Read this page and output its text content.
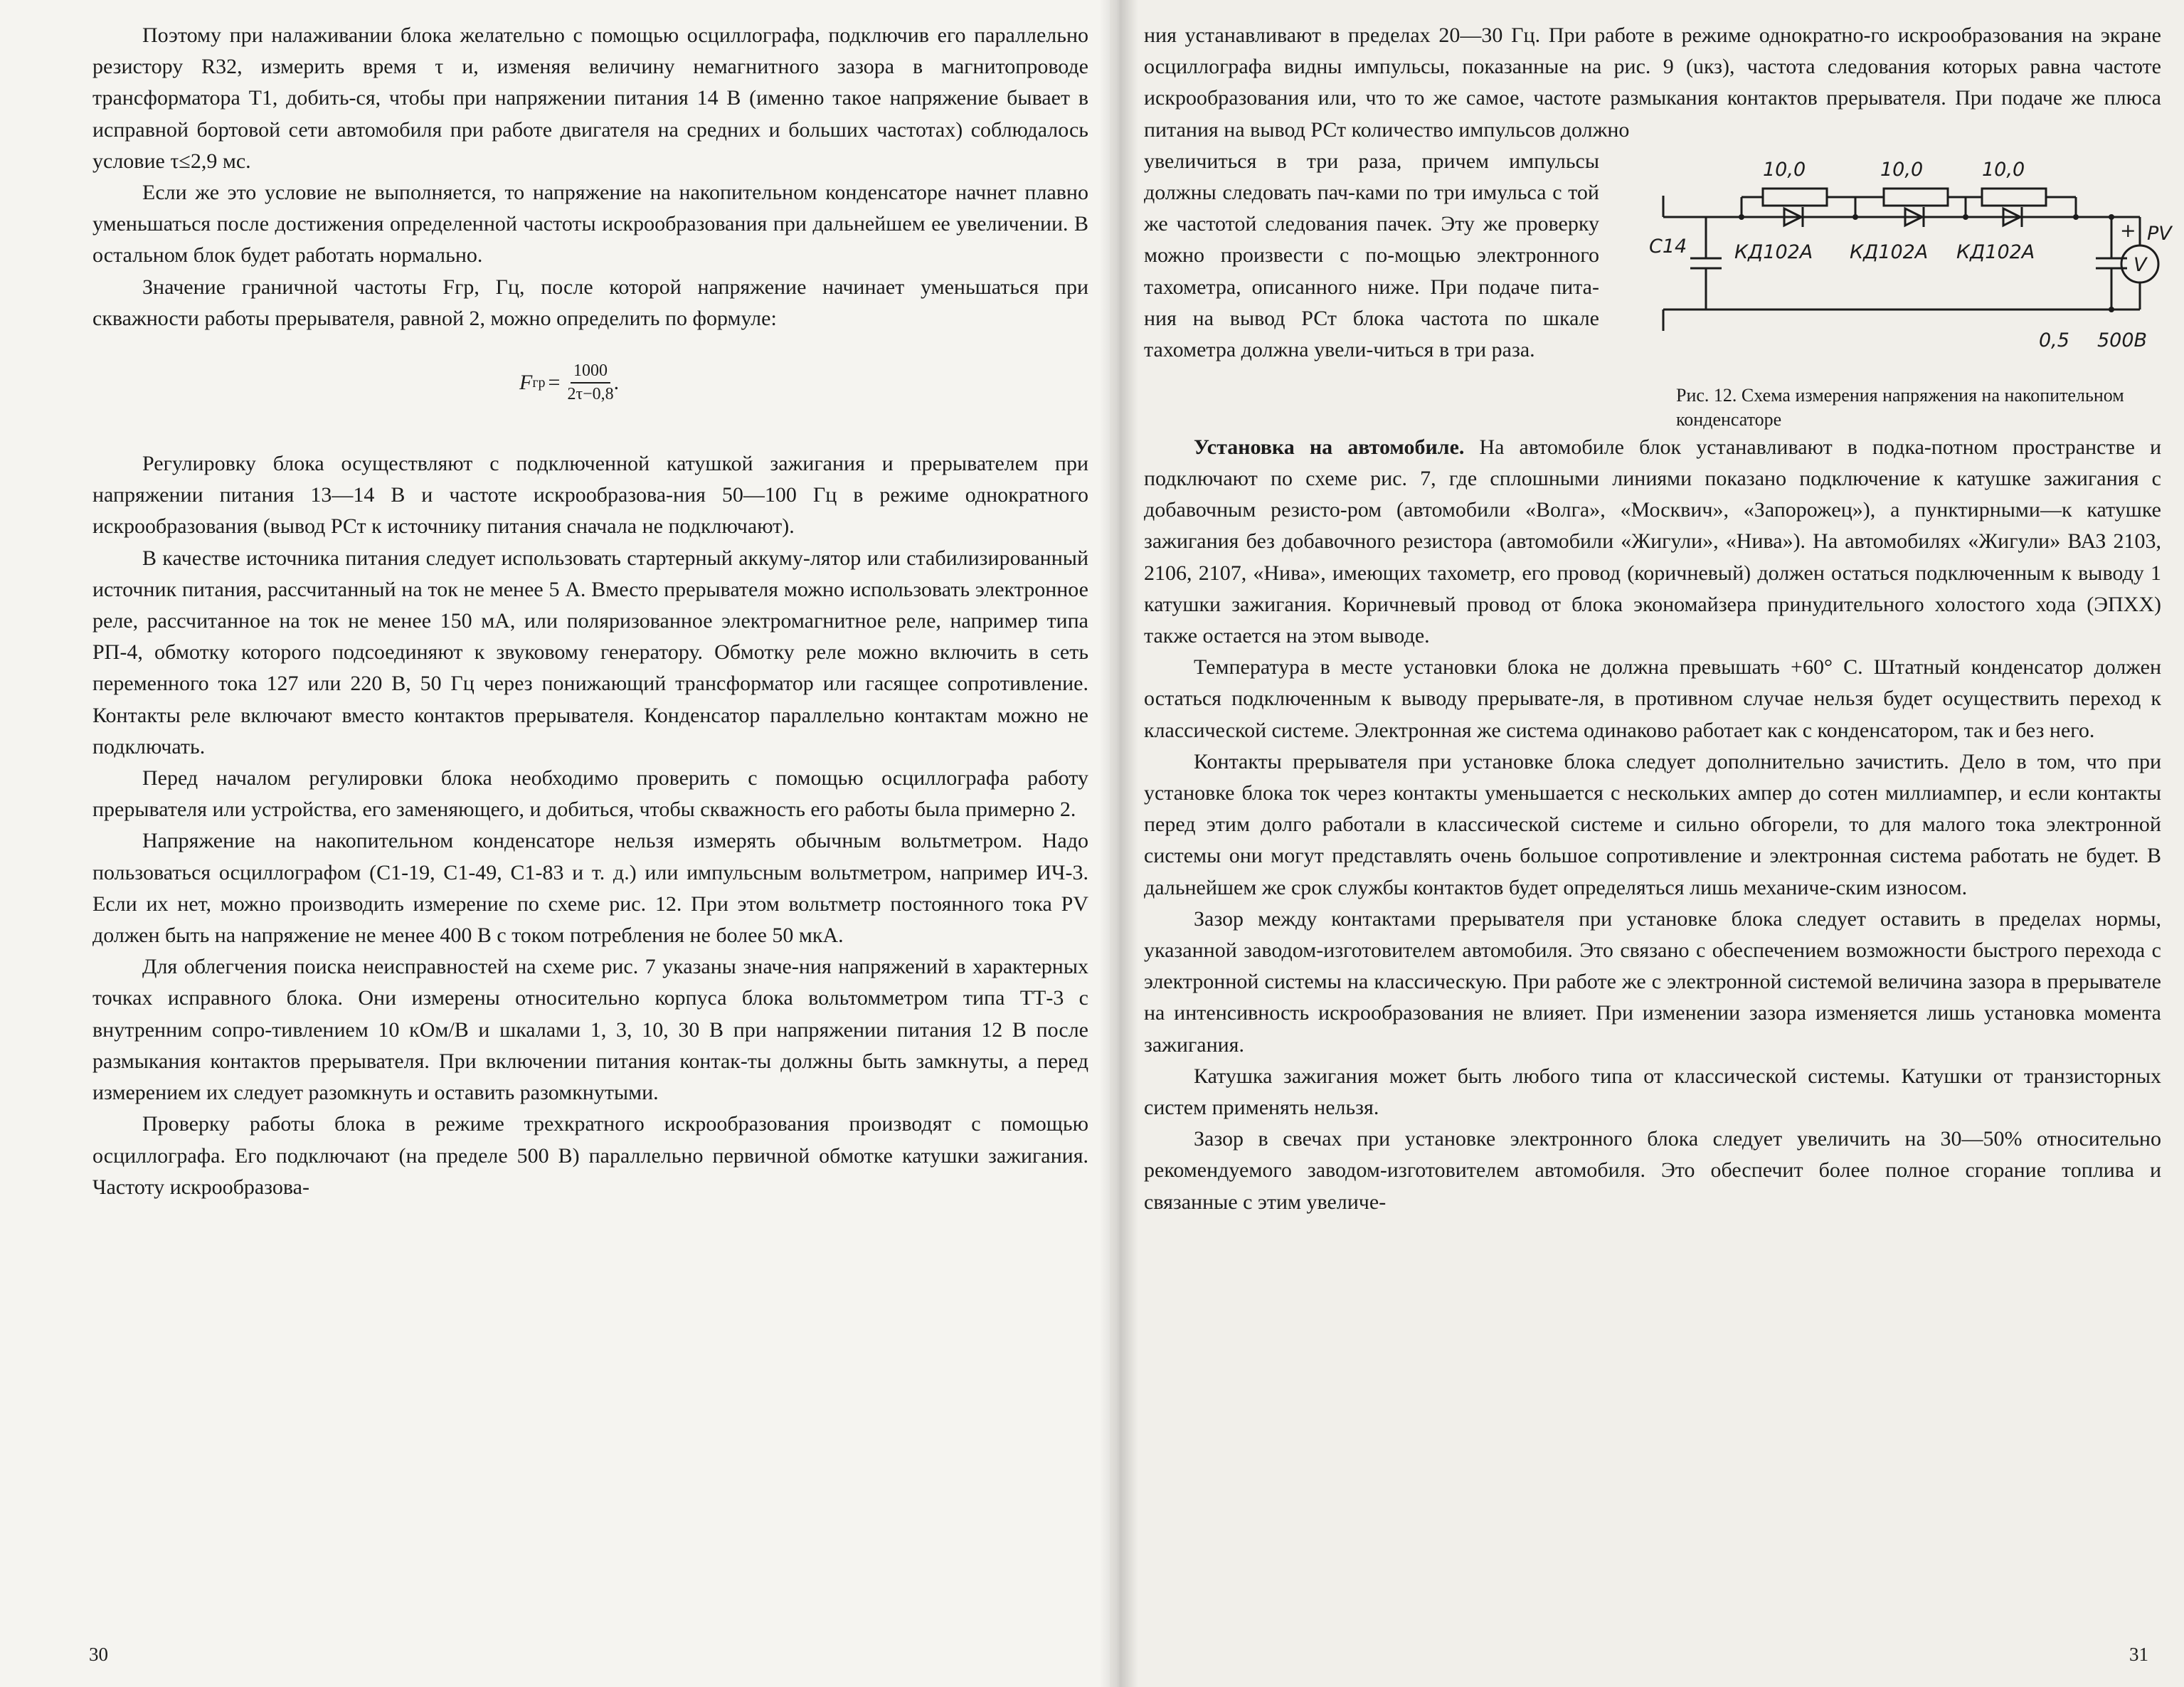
Поэтому при налаживании блока желательно с помощью осциллографа, подключив его параллельно резистору R32, измерить время τ и, изменяя величину немагнитного зазора в магнитопроводе трансформатора T1, добить-ся, чтобы при напряжении питания 14 В (именно такое напряжение бывает в исправной бортовой сети автомобиля при работе двигателя на средних и больших частотах) соблюдалось условие τ≤2,9 мс.

Если же это условие не выполняется, то напряжение на накопительном конденсаторе начнет плавно уменьшаться после достижения определенной частоты искрообразования при дальнейшем ее увеличении. В остальном блок будет работать нормально.

Значение граничной частоты Fгр, Гц, после которой напряжение начинает уменьшаться при скважности работы прерывателя, равной 2, можно определить по формуле:

F гр = $\frac{1000}{2\tau-0,8}$ .

Регулировку блока осуществляют с подключенной катушкой зажигания и прерывателем при напряжении питания 13—14 В и частоте искрообразова-ния 50—100 Гц в режиме однократного искрообразования (вывод РСт к источнику питания сначала не подключают).

В качестве источника питания следует использовать стартерный аккуму-лятор или стабилизированный источник питания, рассчитанный на ток не менее 5 А. Вместо прерывателя можно использовать электронное реле, рассчитанное на ток не менее 150 мА, или поляризованное электромагнитное реле, например типа РП-4, обмотку которого подсоединяют к звуковому генератору. Обмотку реле можно включить в сеть переменного тока 127 или 220 В, 50 Гц через понижающий трансформатор или гасящее сопротивление. Контакты реле включают вместо контактов прерывателя. Конденсатор параллельно контактам можно не подключать.

Перед началом регулировки блока необходимо проверить с помощью осциллографа работу прерывателя или устройства, его заменяющего, и добиться, чтобы скважность его работы была примерно 2.

Напряжение на накопительном конденсаторе нельзя измерять обычным вольтметром. Надо пользоваться осциллографом (С1-19, С1-49, С1-83 и т. д.) или импульсным вольтметром, например ИЧ-3. Если их нет, можно производить измерение по схеме рис. 12. При этом вольтметр постоянного тока PV должен быть на напряжение не менее 400 В с током потребления не более 50 мкА.

Для облегчения поиска неисправностей на схеме рис. 7 указаны значе-ния напряжений в характерных точках исправного блока. Они измерены относительно корпуса блока вольтомметром типа ТТ-3 с внутренним сопро-тивлением 10 кОм/В и шкалами 1, 3, 10, 30 В при напряжении питания 12 В после размыкания контактов прерывателя. При включении питания контак-ты должны быть замкнуты, а перед измерением их следует разомкнуть и оставить разомкнутыми.

Проверку работы блока в режиме трехкратного искрообразования производят с помощью осциллографа. Его подключают (на пределе 500 В) параллельно первичной обмотке катушки зажигания. Частоту искрообразова-

30

ния устанавливают в пределах 20—30 Гц. При работе в режиме однократно-го искрообразования на экране осциллографа видны импульсы, показанные на рис. 9 (uкз), частота следования которых равна частоте искрообразования или, что то же самое, частоте размыкания контактов прерывателя. При подаче же плюса питания на вывод РСт количество импульсов должно

увеличиться в три раза, причем импульсы должны следовать пач-ками по три имульса с той же частотой следования пачек. Эту же проверку можно произвести с по-мощью электронного тахометра, описанного ниже. При подаче пита-ния на вывод РСт блока частота по шкале тахометра должна увели-читься в три раза.

10,0	10,0	10,0
КД102А КД102А КД102А
С14
0,5 500В
PV
V
+
Рис. 12. Схема измерения напряжения на накопительном конденсаторе

Установка на автомобиле. На автомобиле блок устанавливают в подка-потном пространстве и подключают по схеме рис. 7, где сплошными линиями показано подключение к катушке зажигания с добавочным резисто-ром (автомобили «Волга», «Москвич», «Запорожец»), а пунктирными—к катушке зажигания без добавочного резистора (автомобили «Жигули», «Нива»). На автомобилях «Жигули» ВАЗ 2103, 2106, 2107, «Нива», имеющих тахометр, его провод (коричневый) должен остаться подключенным к выводу 1 катушки зажигания. Коричневый провод от блока экономайзера принудительного холостого хода (ЭПХХ) также остается на этом выводе.

Температура в месте установки блока не должна превышать +60° С. Штатный конденсатор должен остаться подключенным к выводу прерывате-ля, в противном случае нельзя будет осуществить переход к классической системе. Электронная же система одинаково работает как с конденсатором, так и без него.

Контакты прерывателя при установке блока следует дополнительно зачистить. Дело в том, что при установке блока ток через контакты уменьшается с нескольких ампер до сотен миллиампер, и если контакты перед этим долго работали в классической системе и сильно обгорели, то для малого тока электронной системы они могут представлять очень большое сопротивление и электронная система работать не будет. В дальнейшем же срок службы контактов будет определяться лишь механиче-ским износом.

Зазор между контактами прерывателя при установке блока следует оставить в пределах нормы, указанной заводом-изготовителем автомобиля. Это связано с обеспечением возможности быстрого перехода с электронной системы на классическую. При работе же с электронной системой величина зазора в прерывателе на интенсивность искрообразования не влияет. При изменении зазора изменяется лишь установка момента зажигания.

Катушка зажигания может быть любого типа от классической системы. Катушки от транзисторных систем применять нельзя.

Зазор в свечах при установке электронного блока следует увеличить на 30—50% относительно рекомендуемого заводом-изготовителем автомобиля. Это обеспечит более полное сгорание топлива и связанные с этим увеличе-

31
